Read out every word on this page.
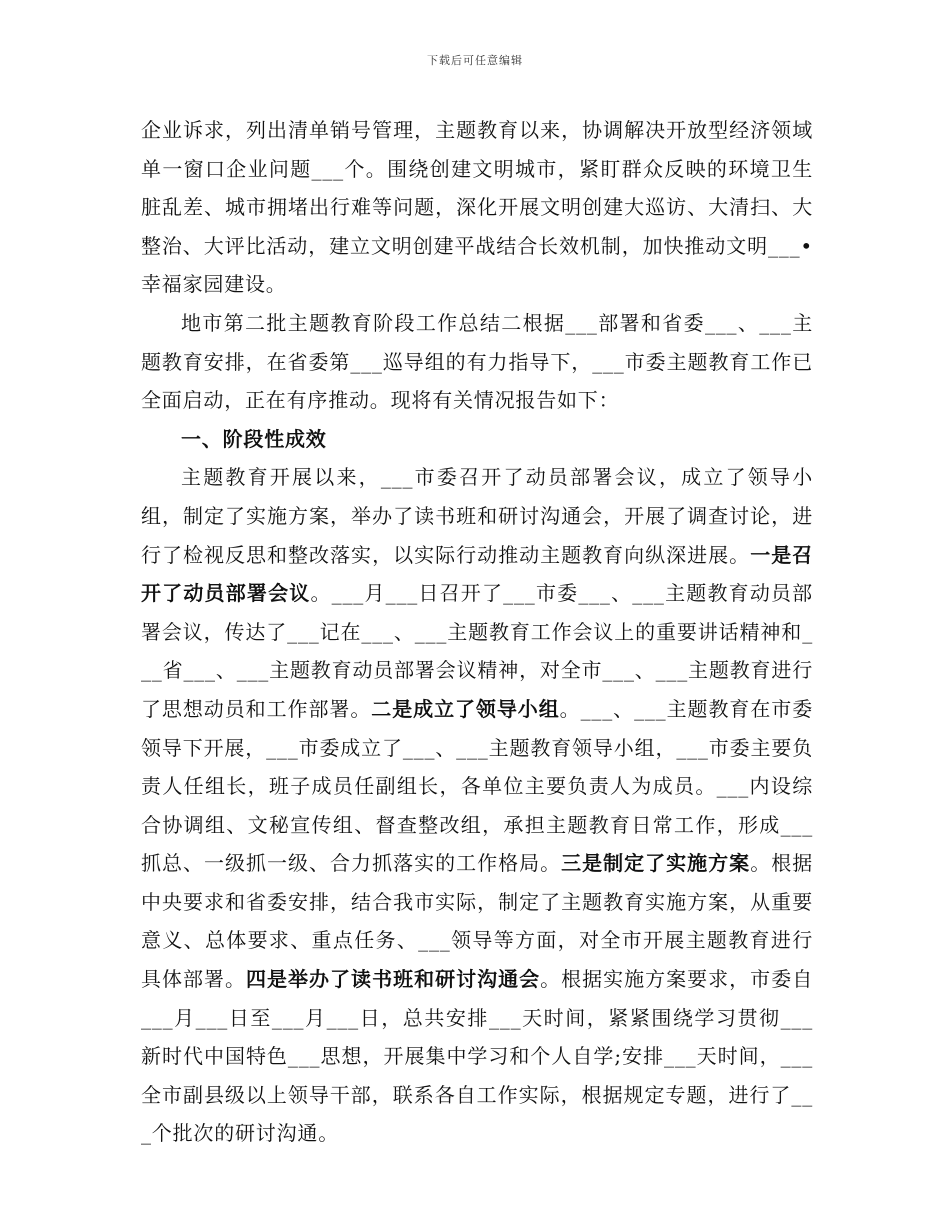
下载后可任意编辑

企业诉求，列出清单销号管理，主题教育以来，协调解决开放型经济领域单一窗口企业问题___个。围绕创建文明城市，紧盯群众反映的环境卫生脏乱差、城市拥堵出行难等问题，深化开展文明创建大巡访、大清扫、大整治、大评比活动，建立文明创建平战结合长效机制，加快推动文明___•幸福家园建设。

地市第二批主题教育阶段工作总结二根据___部署和省委___、___主题教育安排，在省委第___巡导组的有力指导下，___市委主题教育工作已全面启动，正在有序推动。现将有关情况报告如下：

一、阶段性成效

主题教育开展以来，___市委召开了动员部署会议，成立了领导小组，制定了实施方案，举办了读书班和研讨沟通会，开展了调查讨论，进行了检视反思和整改落实，以实际行动推动主题教育向纵深进展。一是召开了动员部署会议。___月___日召开了___市委___、___主题教育动员部署会议，传达了___记在___、___主题教育工作会议上的重要讲话精神和___省___、___主题教育动员部署会议精神，对全市___、___主题教育进行了思想动员和工作部署。二是成立了领导小组。___、___主题教育在市委领导下开展，___市委成立了___、___主题教育领导小组，___市委主要负责人任组长，班子成员任副组长，各单位主要负责人为成员。___内设综合协调组、文秘宣传组、督查整改组，承担主题教育日常工作，形成___抓总、一级抓一级、合力抓落实的工作格局。三是制定了实施方案。根据中央要求和省委安排，结合我市实际，制定了主题教育实施方案，从重要意义、总体要求、重点任务、___领导等方面，对全市开展主题教育进行具体部署。四是举办了读书班和研讨沟通会。根据实施方案要求，市委自___月___日至___月___日，总共安排___天时间，紧紧围绕学习贯彻___新时代中国特色___思想，开展集中学习和个人自学;安排___天时间，___全市副县级以上领导干部，联系各自工作实际，根据规定专题，进行了___个批次的研讨沟通。
